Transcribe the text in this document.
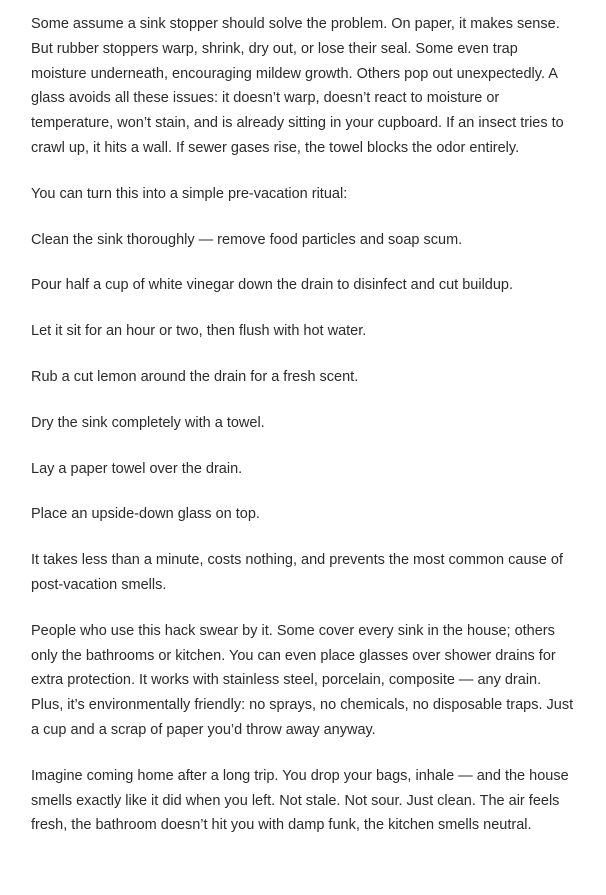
Some assume a sink stopper should solve the problem. On paper, it makes sense. But rubber stoppers warp, shrink, dry out, or lose their seal. Some even trap moisture underneath, encouraging mildew growth. Others pop out unexpectedly. A glass avoids all these issues: it doesn’t warp, doesn’t react to moisture or temperature, won’t stain, and is already sitting in your cupboard. If an insect tries to crawl up, it hits a wall. If sewer gases rise, the towel blocks the odor entirely.

You can turn this into a simple pre-vacation ritual:

Clean the sink thoroughly — remove food particles and soap scum.

Pour half a cup of white vinegar down the drain to disinfect and cut buildup.

Let it sit for an hour or two, then flush with hot water.

Rub a cut lemon around the drain for a fresh scent.

Dry the sink completely with a towel.

Lay a paper towel over the drain.

Place an upside-down glass on top.

It takes less than a minute, costs nothing, and prevents the most common cause of post-vacation smells.

People who use this hack swear by it. Some cover every sink in the house; others only the bathrooms or kitchen. You can even place glasses over shower drains for extra protection. It works with stainless steel, porcelain, composite — any drain. Plus, it’s environmentally friendly: no sprays, no chemicals, no disposable traps. Just a cup and a scrap of paper you’d throw away anyway.

Imagine coming home after a long trip. You drop your bags, inhale — and the house smells exactly like it did when you left. Not stale. Not sour. Just clean. The air feels fresh, the bathroom doesn’t hit you with damp funk, the kitchen smells neutral.
